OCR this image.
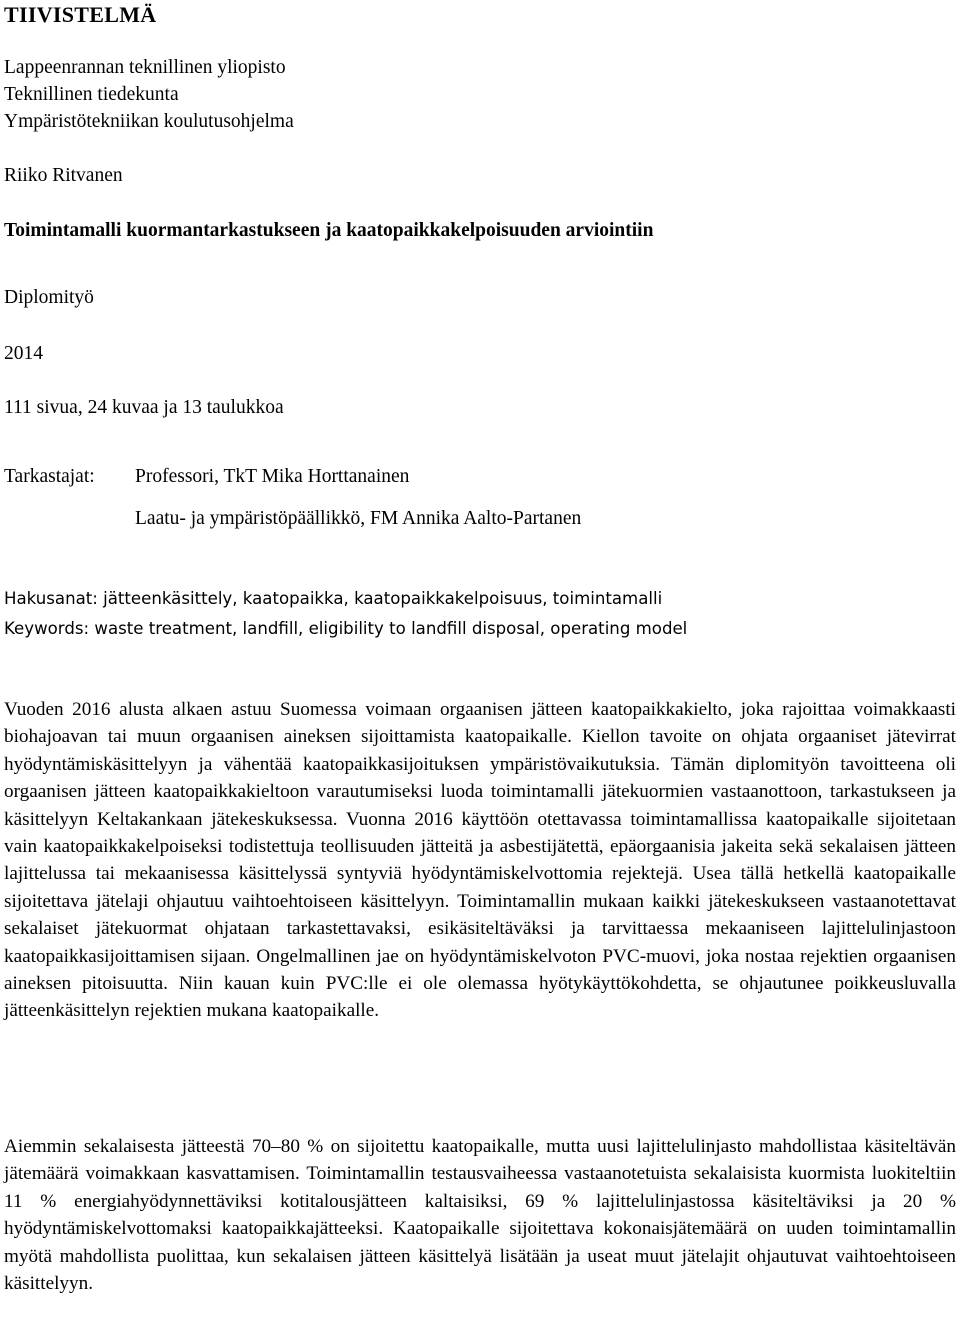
TIIVISTELMÄ
Lappeenrannan teknillinen yliopisto
Teknillinen tiedekunta
Ympäristötekniikan koulutusohjelma
Riiko Ritvanen
Toimintamalli kuormantarkastukseen ja kaatopaikkakelpoisuuden arviointiin
Diplomityö
2014
111 sivua, 24 kuvaa ja 13 taulukkoa
Tarkastajat: Professori, TkT Mika Horttanainen
Laatu- ja ympäristöpäällikkö, FM Annika Aalto-Partanen
Hakusanat: jätteenkäsittely, kaatopaikka, kaatopaikkakelpoisuus, toimintamalli
Keywords: waste treatment, landfill, eligibility to landfill disposal, operating model

Vuoden 2016 alusta alkaen astuu Suomessa voimaan orgaanisen jätteen kaatopaikkakielto, joka rajoittaa voimakkaasti biohajoavan tai muun orgaanisen aineksen sijoittamista kaatopaikalle. Kiellon tavoite on ohjata orgaaniset jätevirrat hyödyntämiskäsittelyyn ja vähentää kaatopaikkasijoituksen ympäristövaikutuksia. Tämän diplomityön tavoitteena oli orgaanisen jätteen kaatopaikkakieltoon varautumiseksi luoda toimintamalli jätekuormien vastaanottoon, tarkastukseen ja käsittelyyn Keltakankaan jätekeskuksessa. Vuonna 2016 käyttöön otettavassa toimintamallissa kaatopaikalle sijoitetaan vain kaatopaikkakelpoiseksi todistettuja teollisuuden jätteitä ja asbestijätettä, epäorgaanisia jakeita sekä sekalaisen jätteen lajittelussa tai mekaanisessa käsittelyssä syntyviä hyödyntämiskelvottomia rejektejä. Usea tällä hetkellä kaatopaikalle sijoitettava jätelaji ohjautuu vaihtoehtoiseen käsittelyyn. Toimintamallin mukaan kaikki jätekeskukseen vastaanotettavat sekalaiset jätekuormat ohjataan tarkastettavaksi, esikäsiteltäväksi ja tarvittaessa mekaaniseen lajittelulinjastoon kaatopaikkasijoittamisen sijaan. Ongelmallinen jae on hyödyntämiskelvoton PVC-muovi, joka nostaa rejektien orgaanisen aineksen pitoisuutta. Niin kauan kuin PVC:lle ei ole olemassa hyötykäyttökohdetta, se ohjautunee poikkeusluvalla jätteenkäsittelyn rejektien mukana kaatopaikalle.

Aiemmin sekalaisesta jätteestä 70–80 % on sijoitettu kaatopaikalle, mutta uusi lajittelulinjasto mahdollistaa käsiteltävän jätemäärä voimakkaan kasvattamisen. Toimintamallin testausvaiheessa vastaanotetuista sekalaisista kuormista luokiteltiin 11 % energiahyödynnettäviksi kotitalousjätteen kaltaisiksi, 69 % lajittelulinjastossa käsiteltäviksi ja 20 % hyödyntämiskelvottomaksi kaatopaikkajätteeksi. Kaatopaikalle sijoitettava kokonaisjätemäärä on uuden toimintamallin myötä mahdollista puolittaa, kun sekalaisen jätteen käsittelyä lisätään ja useat muut jätelajit ohjautuvat vaihtoehtoiseen käsittelyyn.
